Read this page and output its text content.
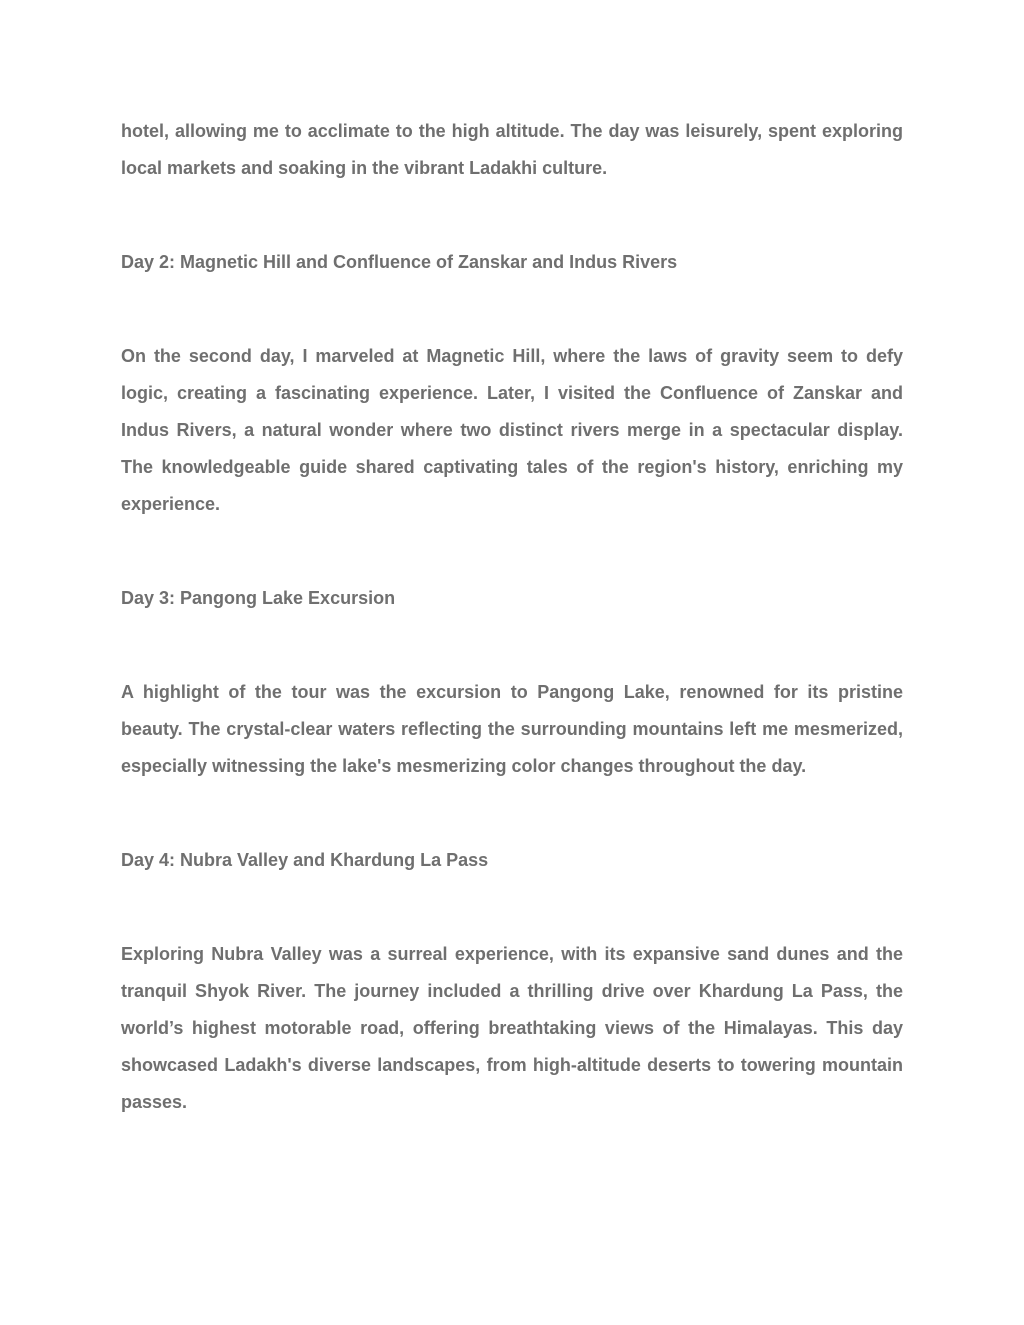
hotel, allowing me to acclimate to the high altitude. The day was leisurely, spent exploring local markets and soaking in the vibrant Ladakhi culture.

Day 2: Magnetic Hill and Confluence of Zanskar and Indus Rivers

On the second day, I marveled at Magnetic Hill, where the laws of gravity seem to defy logic, creating a fascinating experience. Later, I visited the Confluence of Zanskar and Indus Rivers, a natural wonder where two distinct rivers merge in a spectacular display. The knowledgeable guide shared captivating tales of the region's history, enriching my experience.

Day 3: Pangong Lake Excursion

A highlight of the tour was the excursion to Pangong Lake, renowned for its pristine beauty. The crystal-clear waters reflecting the surrounding mountains left me mesmerized, especially witnessing the lake's mesmerizing color changes throughout the day.

Day 4: Nubra Valley and Khardung La Pass

Exploring Nubra Valley was a surreal experience, with its expansive sand dunes and the tranquil Shyok River. The journey included a thrilling drive over Khardung La Pass, the world’s highest motorable road, offering breathtaking views of the Himalayas. This day showcased Ladakh's diverse landscapes, from high-altitude deserts to towering mountain passes.
